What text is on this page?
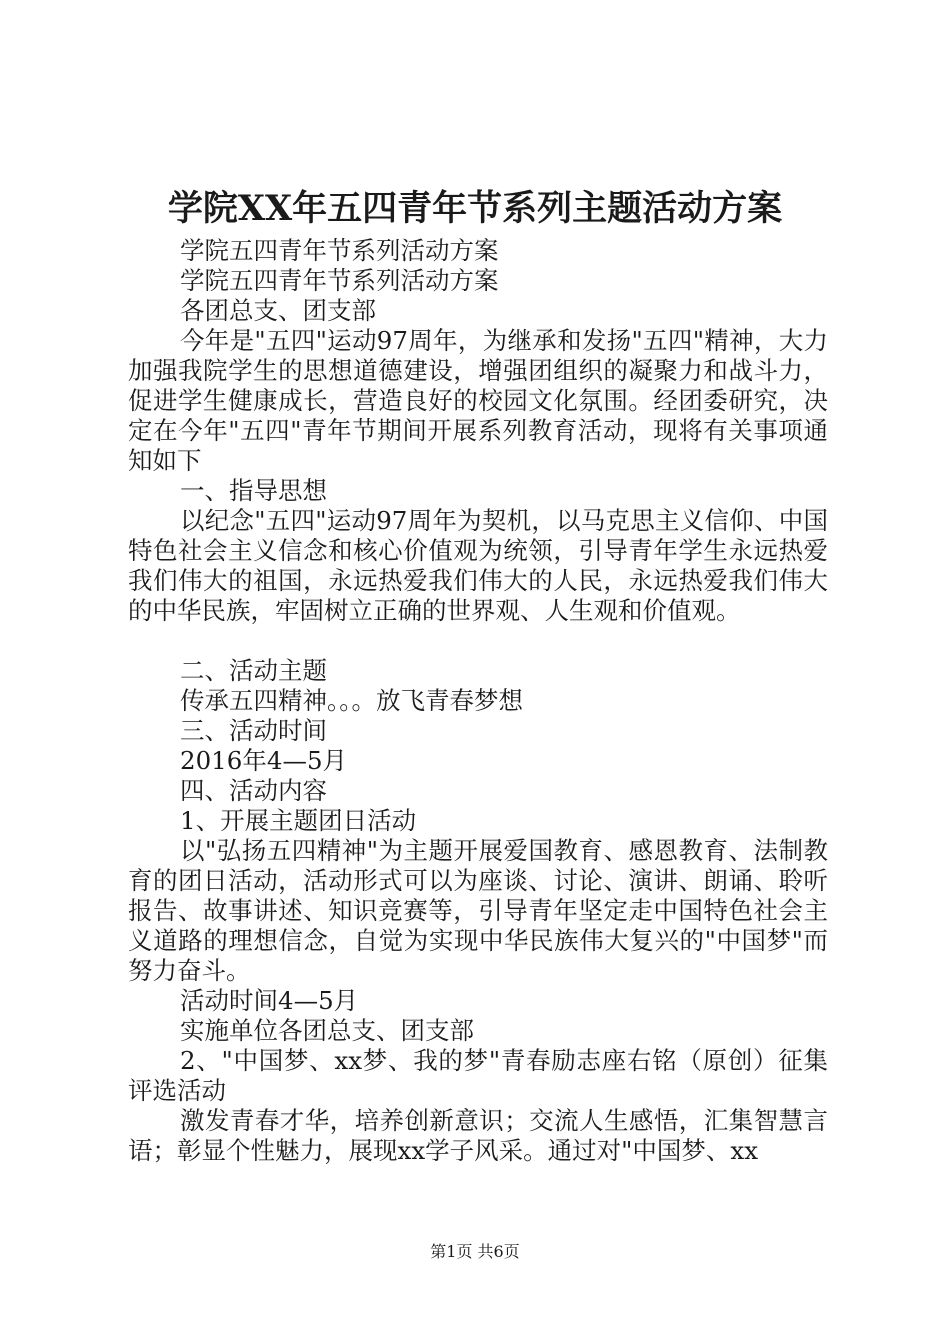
学院XX年五四青年节系列主题活动方案

学院五四青年节系列活动方案

学院五四青年节系列活动方案

各团总支、团支部

今年是"五四"运动97周年，为继承和发扬"五四"精神，大力加强我院学生的思想道德建设，增强团组织的凝聚力和战斗力，促进学生健康成长，营造良好的校园文化氛围。经团委研究，决定在今年"五四"青年节期间开展系列教育活动，现将有关事项通知如下

一、指导思想

以纪念"五四"运动97周年为契机，以马克思主义信仰、中国特色社会主义信念和核心价值观为统领，引导青年学生永远热爱我们伟大的祖国，永远热爱我们伟大的人民，永远热爱我们伟大的中华民族，牢固树立正确的世界观、人生观和价值观。

二、活动主题

传承五四精神。。。放飞青春梦想

三、活动时间

2016年4—5月

四、活动内容

1、开展主题团日活动

以"弘扬五四精神"为主题开展爱国教育、感恩教育、法制教育的团日活动，活动形式可以为座谈、讨论、演讲、朗诵、聆听报告、故事讲述、知识竞赛等，引导青年坚定走中国特色社会主义道路的理想信念，自觉为实现中华民族伟大复兴的"中国梦"而努力奋斗。

活动时间4—5月

实施单位各团总支、团支部

2、"中国梦、xx梦、我的梦"青春励志座右铭（原创）征集评选活动

激发青春才华，培养创新意识；交流人生感悟，汇集智慧言语；彰显个性魅力，展现xx学子风采。通过对"中国梦、xx

第1页 共6页
